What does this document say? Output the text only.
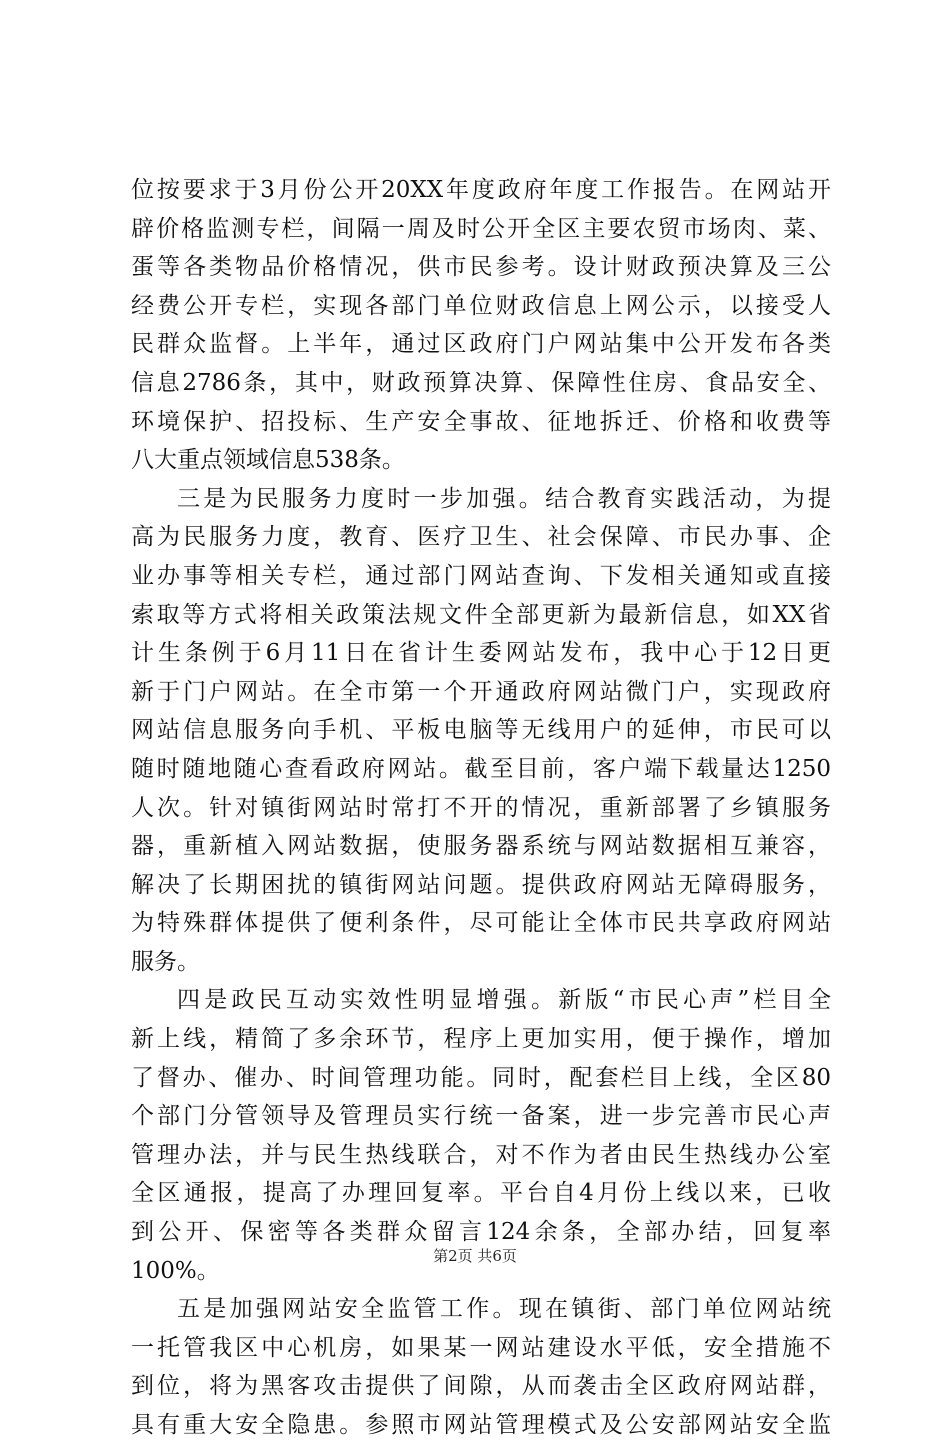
位按要求于3月份公开20XX年度政府年度工作报告。在网站开
辟价格监测专栏，间隔一周及时公开全区主要农贸市场肉、菜、
蛋等各类物品价格情况，供市民参考。设计财政预决算及三公
经费公开专栏，实现各部门单位财政信息上网公示，以接受人
民群众监督。上半年，通过区政府门户网站集中公开发布各类
信息2786条，其中，财政预算决算、保障性住房、食品安全、
环境保护、招投标、生产安全事故、征地拆迁、价格和收费等
八大重点领域信息538条。
三是为民服务力度时一步加强。结合教育实践活动，为提
高为民服务力度，教育、医疗卫生、社会保障、市民办事、企
业办事等相关专栏，通过部门网站查询、下发相关通知或直接
索取等方式将相关政策法规文件全部更新为最新信息，如XX省
计生条例于6月11日在省计生委网站发布，我中心于12日更
新于门户网站。在全市第一个开通政府网站微门户，实现政府
网站信息服务向手机、平板电脑等无线用户的延伸，市民可以
随时随地随心查看政府网站。截至目前，客户端下载量达1250
人次。针对镇街网站时常打不开的情况，重新部署了乡镇服务
器，重新植入网站数据，使服务器系统与网站数据相互兼容，
解决了长期困扰的镇街网站问题。提供政府网站无障碍服务，
为特殊群体提供了便利条件，尽可能让全体市民共享政府网站
服务。
四是政民互动实效性明显增强。新版“市民心声”栏目全
新上线，精简了多余环节，程序上更加实用，便于操作，增加
了督办、催办、时间管理功能。同时，配套栏目上线，全区80
个部门分管领导及管理员实行统一备案，进一步完善市民心声
管理办法，并与民生热线联合，对不作为者由民生热线办公室
全区通报，提高了办理回复率。平台自4月份上线以来，已收
到公开、保密等各类群众留言124余条，全部办结，回复率
100%。
五是加强网站安全监管工作。现在镇街、部门单位网站统
一托管我区中心机房，如果某一网站建设水平低，安全措施不
到位，将为黑客攻击提供了间隙，从而袭击全区政府网站群，
具有重大安全隐患。参照市网站管理模式及公安部网站安全监
第2页 共6页
